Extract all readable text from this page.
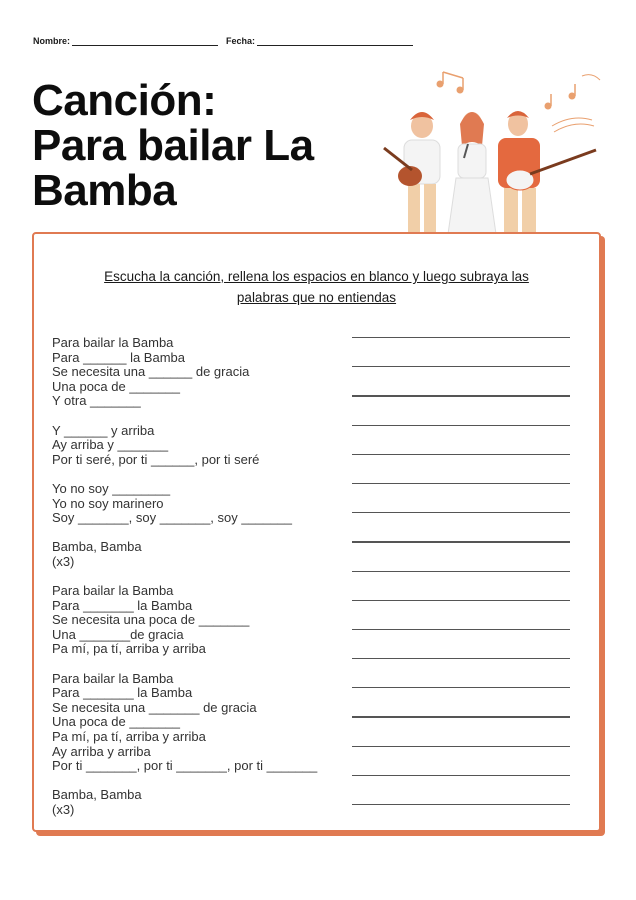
Nombre:	Fecha:
Canción:
Para bailar La
Bamba
Escucha la canción, rellena los espacios en blanco y luego subraya las
palabras que no entiendas
Para bailar la Bamba
Para ______ la Bamba
Se necesita una ______ de gracia
Una poca de _______
Y otra _______
Y ______ y arriba
Ay arriba y _______
Por ti seré, por ti ______, por ti seré
Yo no soy ________
Yo no soy marinero
Soy _______, soy _______, soy _______
Bamba, Bamba
(x3)
Para bailar la Bamba
Para _______ la Bamba
Se necesita una poca de _______
Una _______de gracia
Pa mí, pa tí, arriba y arriba
Para bailar la Bamba
Para _______ la Bamba
Se necesita una _______ de gracia
Una poca de _______
Pa mí, pa tí, arriba y arriba
Ay arriba y arriba
Por ti _______, por ti _______, por ti _______
Bamba, Bamba
(x3)
